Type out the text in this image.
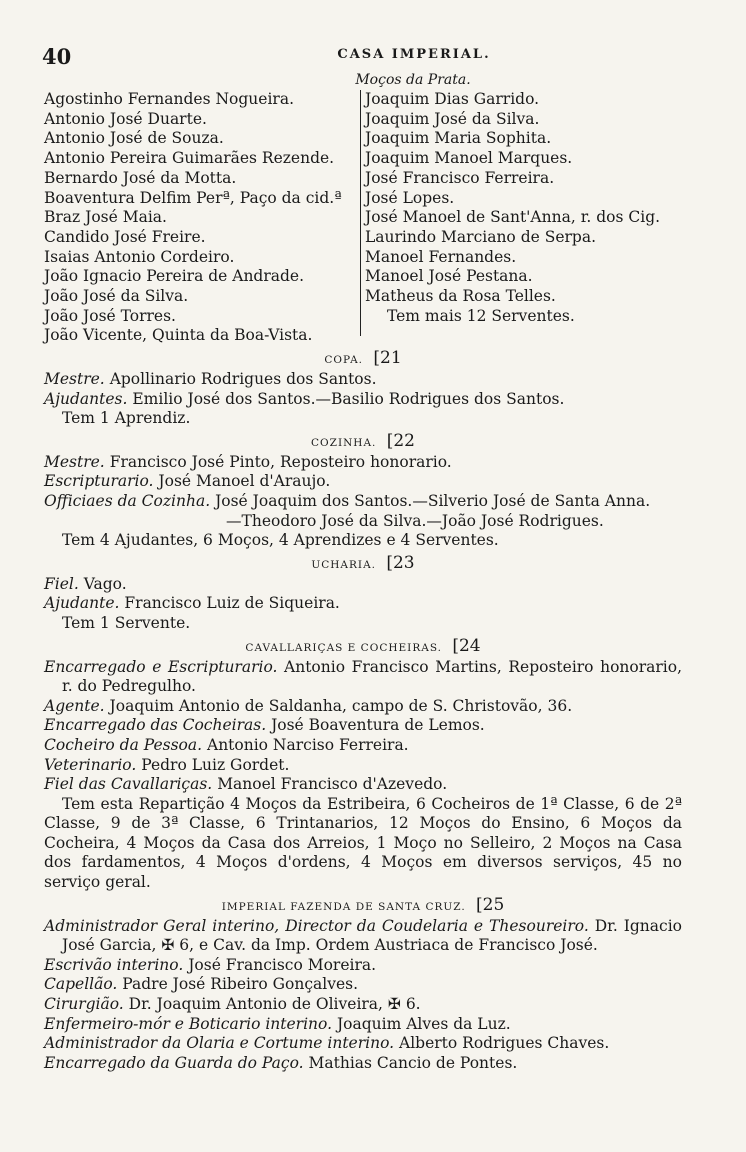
40	CASA IMPERIAL.
Moços da Prata.
Agostinho Fernandes Nogueira.
Antonio José Duarte.
Antonio José de Souza.
Antonio Pereira Guimarães Rezende.
Bernardo José da Motta.
Boaventura Delfim Perª, Paço da cid.ª
Braz José Maia.
Candido José Freire.
Isaias Antonio Cordeiro.
João Ignacio Pereira de Andrade.
João José da Silva.
João José Torres.
João Vicente, Quinta da Boa-Vista.
Joaquim Dias Garrido.
Joaquim José da Silva.
Joaquim Maria Sophita.
Joaquim Manoel Marques.
José Francisco Ferreira.
José Lopes.
José Manoel de Sant'Anna, r. dos Cig.
Laurindo Marciano de Serpa.
Manoel Fernandes.
Manoel José Pestana.
Matheus da Rosa Telles.
Tem mais 12 Serventes.
COPA. [21
Mestre. Apollinario Rodrigues dos Santos.
Ajudantes. Emilio José dos Santos.—Basilio Rodrigues dos Santos.
Tem 1 Aprendiz.
COZINHA. [22
Mestre. Francisco José Pinto, Reposteiro honorario.
Escripturario. José Manoel d'Araujo.
Officiaes da Cozinha. José Joaquim dos Santos.—Silverio José de Santa Anna.
—Theodoro José da Silva.—João José Rodrigues.
Tem 4 Ajudantes, 6 Moços, 4 Aprendizes e 4 Serventes.
UCHARIA. [23
Fiel. Vago.
Ajudante. Francisco Luiz de Siqueira.
Tem 1 Servente.
CAVALLARIÇAS E COCHEIRAS. [24
Encarregado e Escripturario. Antonio Francisco Martins, Reposteiro honorario, r. do Pedregulho.
Agente. Joaquim Antonio de Saldanha, campo de S. Christovão, 36.
Encarregado das Cocheiras. José Boaventura de Lemos.
Cocheiro da Pessoa. Antonio Narciso Ferreira.
Veterinario. Pedro Luiz Gordet.
Fiel das Cavallariças. Manoel Francisco d'Azevedo.
Tem esta Repartição 4 Moços da Estribeira, 6 Cocheiros de 1ª Classe, 6 de 2ª Classe, 9 de 3ª Classe, 6 Trintanarios, 12 Moços do Ensino, 6 Moços da Cocheira, 4 Moços da Casa dos Arreios, 1 Moço no Selleiro, 2 Moços na Casa dos fardamentos, 4 Moços d'ordens, 4 Moços em diversos serviços, 45 no serviço geral.
IMPERIAL FAZENDA DE SANTA CRUZ. [25
Administrador Geral interino, Director da Coudelaria e Thesoureiro. Dr. Ignacio José Garcia, ✠ 6, e Cav. da Imp. Ordem Austriaca de Francisco José.
Escrivão interino. José Francisco Moreira.
Capellão. Padre José Ribeiro Gonçalves.
Cirurgião. Dr. Joaquim Antonio de Oliveira, ✠ 6.
Enfermeiro-mór e Boticario interino. Joaquim Alves da Luz.
Administrador da Olaria e Cortume interino. Alberto Rodrigues Chaves.
Encarregado da Guarda do Paço. Mathias Cancio de Pontes.
